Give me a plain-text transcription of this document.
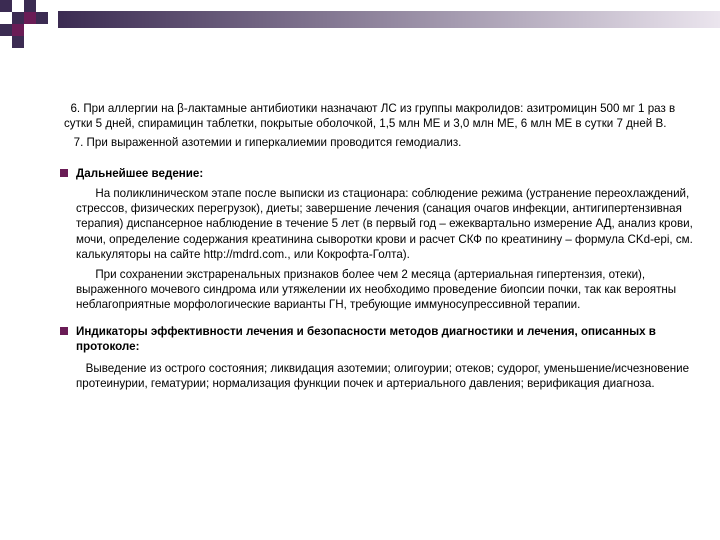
6. При аллергии на β-лактамные антибиотики назначают ЛС из группы макролидов: азитромицин 500 мг 1 раз в сутки 5 дней, спирамицин таблетки, покрытые оболочкой, 1,5 млн МЕ и 3,0 млн МЕ, 6 млн МЕ в сутки 7 дней В.

7. При выраженной азотемии и гиперкалиемии проводится гемодиализ.

Дальнейшее ведение:

На поликлиническом этапе после выписки из стационара: соблюдение режима (устранение переохлаждений, стрессов, физических перегрузок), диеты; завершение лечения (санация очагов инфекции, антигипертензивная терапия) диспансерное наблюдение в течение 5 лет (в первый год – ежеквартально измерение АД, анализ крови, мочи, определение содержания креатинина сыворотки крови и расчет СКФ по креатинину – формула CKd-epi, см. калькуляторы на сайте http://mdrd.com., или Кокрофта-Голта).

При сохранении экстраренальных признаков более чем 2 месяца (артериальная гипертензия, отеки), выраженного мочевого синдрома или утяжелении их необходимо проведение биопсии почки, так как вероятны неблагоприятные морфологические варианты ГН, требующие иммуносупрессивной терапии.

Индикаторы эффективности лечения и безопасности методов диагностики и лечения, описанных в протоколе:

Выведение из острого состояния; ликвидация азотемии; олигоурии; отеков; судорог, уменьшение/исчезновение протеинурии, гематурии; нормализация функции почек и артериального давления; верификация диагноза.
